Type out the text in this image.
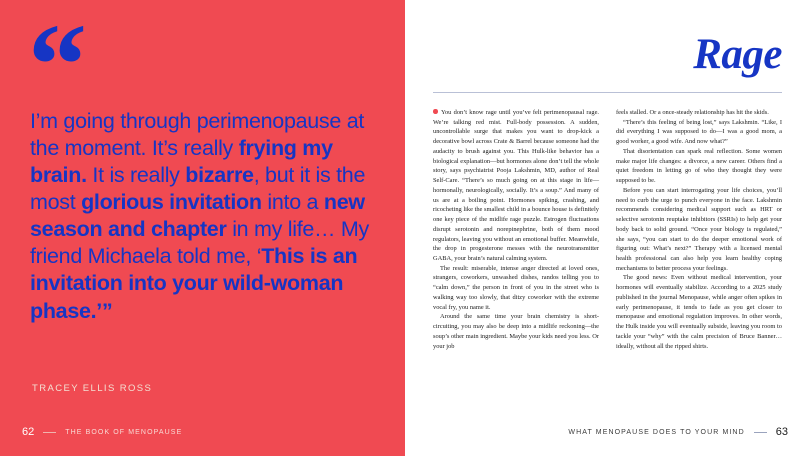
“
I’m going through perimenopause at the moment. It’s really frying my brain. It is really bizarre, but it is the most glorious invitation into a new season and chapter in my life… My friend Michaela told me, ‘This is an invitation into your wild-woman phase.’”
TRACEY ELLIS ROSS
62	THE BOOK OF MENOPAUSE
Rage

You don’t know rage until you’ve felt perimenopausal rage. We’re talking red mist. Full-body possession. A sudden, uncontrollable surge that makes you want to drop-kick a decorative bowl across Crate & Barrel because someone had the audacity to brush against you. This Hulk-like behavior has a biological explanation—but hormones alone don’t tell the whole story, says psychiatrist Pooja Lakshmin, MD, author of Real Self-Care. “There’s so much going on at this stage in life—hormonally, neurologically, socially. It’s a soup.” And many of us are at a boiling point. Hormones spiking, crashing, and ricocheting like the smallest child in a bounce house is definitely one key piece of the midlife rage puzzle. Estrogen fluctuations disrupt serotonin and norepinephrine, both of them mood regulators, leaving you without an emotional buffer. Meanwhile, the drop in progesterone messes with the neurotransmitter GABA, your brain’s natural calming system.

The result: miserable, intense anger directed at loved ones, strangers, coworkers, unwashed dishes, randos telling you to “calm down,” the person in front of you in the street who is walking way too slowly, that ditzy coworker with the extreme vocal fry, you name it.

Around the same time your brain chemistry is short-circuiting, you may also be deep into a midlife reckoning—the soup’s other main ingredient. Maybe your kids need you less. Or your job

feels stalled. Or a once-steady relationship has hit the skids.

“There’s this feeling of being lost,” says Lakshmin. “Like, I did everything I was supposed to do—I was a good mom, a good worker, a good wife. And now what?”

That disorientation can spark real reflection. Some women make major life changes: a divorce, a new career. Others find a quiet freedom in letting go of who they thought they were supposed to be.

Before you can start interrogating your life choices, you’ll need to curb the urge to punch everyone in the face. Lakshmin recommends considering medical support such as HRT or selective serotonin reuptake inhibitors (SSRIs) to help get your body back to solid ground. “Once your biology is regulated,” she says, “you can start to do the deeper emotional work of figuring out: What’s next?” Therapy with a licensed mental health professional can also help you learn healthy coping mechanisms to better process your feelings.

The good news: Even without medical intervention, your hormones will eventually stabilize. According to a 2025 study published in the journal Menopause, while anger often spikes in early perimenopause, it tends to fade as you get closer to menopause and emotional regulation improves. In other words, the Hulk inside you will eventually subside, leaving you room to tackle your “why” with the calm precision of Bruce Banner…ideally, without all the ripped shirts.

WHAT MENOPAUSE DOES TO YOUR MIND	63
